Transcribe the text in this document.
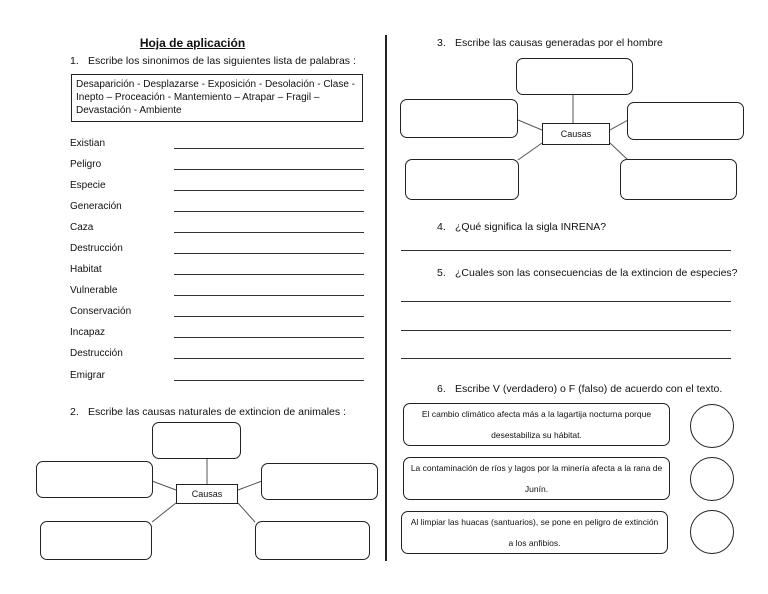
Hoja de aplicación
1. Escribe los sinonimos de las siguientes lista de palabras :
Desaparición - Desplazarse - Exposición - Desolación - Clase - Inepto – Proceación - Mantemiento – Atrapar – Fragil – Devastación - Ambiente
Existian
Peligro
Especie
Generación
Caza
Destrucción
Habitat
Vulnerable
Conservación
Incapaz
Destrucción
Emigrar
2. Escribe las causas naturales de extincion de animales :
Causas
3. Escribe las causas generadas por el hombre
Causas
4. ¿Qué significa la sigla INRENA?
5. ¿Cuales son las consecuencias de la extincion de especies?
6. Escribe V (verdadero) o F (falso) de acuerdo con el texto.
El cambio climático afecta más a la lagartija nocturna porque desestabiliza su hábitat.
La contaminación de ríos y lagos por la minería afecta a la rana de Junín.
Al limpiar las huacas (santuarios), se pone en peligro de extinción a los anfibios.
